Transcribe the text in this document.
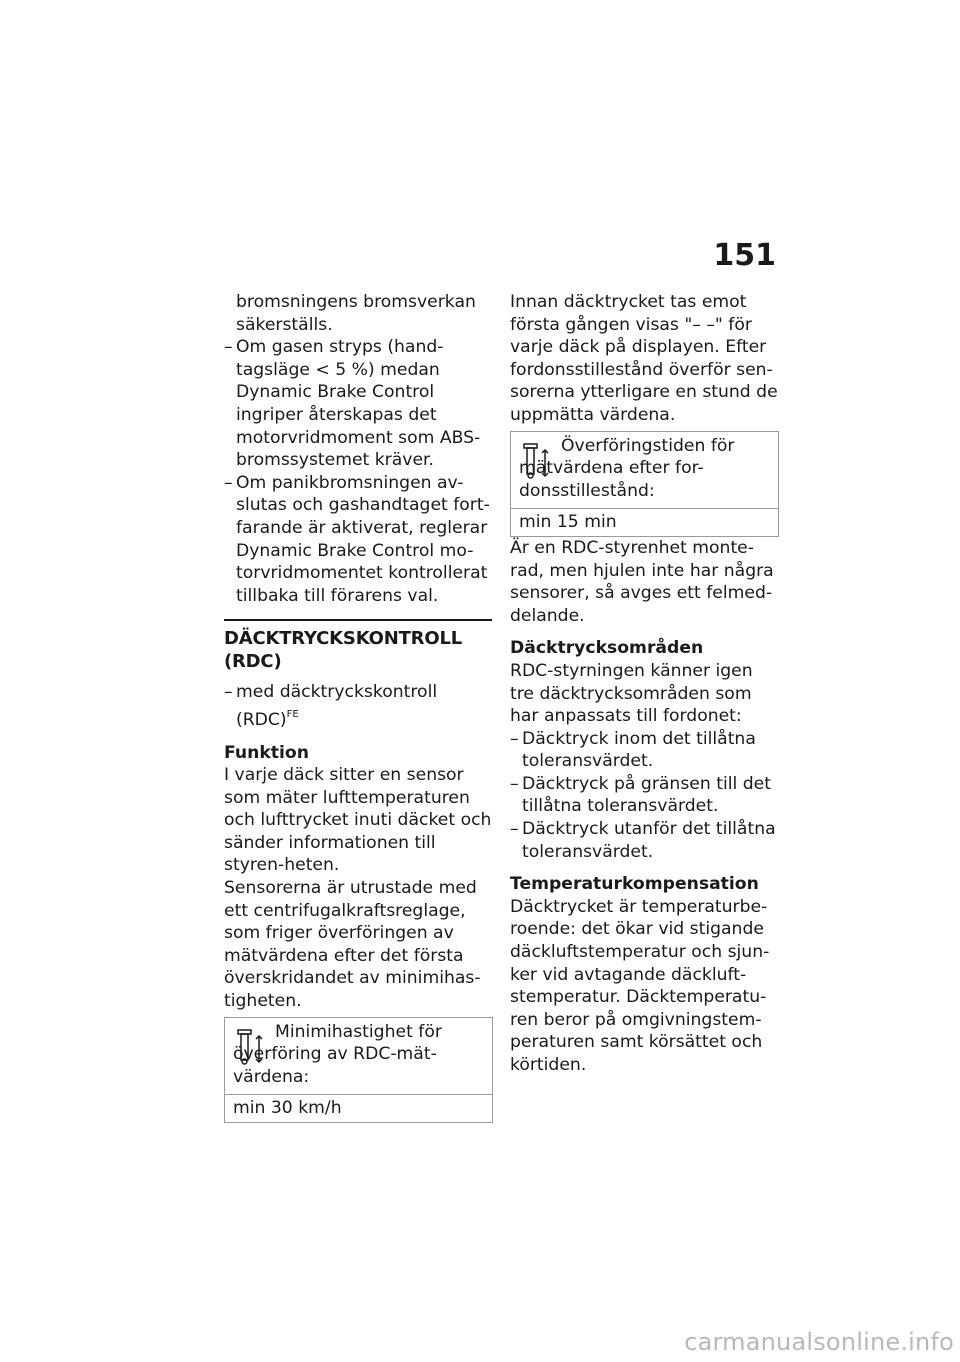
151

bromsningens bromsverkan

säkerställs.

– Om gasen stryps (hand-tagsläge < 5 %) medan Dynamic Brake Control ingriper återskapas det motorvridmoment som ABS-bromssystemet kräver.

– Om panikbromsningen av-slutas och gashandtaget fort-farande är aktiverat, reglerar Dynamic Brake Control mo-torvridmomentet kontrollerat tillbaka till förarens val.

DÄCKTRYCKSKONTROLL (RDC)

– med däcktryckskontroll (RDC)$^{FE}$

Funktion

I varje däck sitter en sensor som mäter lufttemperaturen och lufttrycket inuti däcket och sänder informationen till styren-heten.

Sensorerna är utrustade med ett centrifugalkraftsreglage, som friger överföringen av mätvärdena efter det första överskridandet av minimihas-tigheten.

Minimihastighet för överföring av RDC-mät-värdena:
min 30 km/h

Innan däcktrycket tas emot första gången visas "– –" för varje däck på displayen. Efter fordonsstillestånd överför sen-sorerna ytterligare en stund de uppmätta värdena.

Överföringstiden för mätvärdena efter for-donsstillestånd:
min 15 min

Är en RDC-styrenhet monte-rad, men hjulen inte har några sensorer, så avges ett felmed-delande.

Däcktrycksområden

RDC-styrningen känner igen tre däcktrycksområden som har anpassats till fordonet:

– Däcktryck inom det tillåtna toleransvärdet.

– Däcktryck på gränsen till det tillåtna toleransvärdet.

– Däcktryck utanför det tillåtna toleransvärdet.

Temperaturkompensation

Däcktrycket är temperaturbe-roende: det ökar vid stigande däckluftstemperatur och sjun-ker vid avtagande däckluft-stemperatur. Däcktemperatu-ren beror på omgivningstem-peraturen samt körsättet och körtiden.

carmanualsonline.info
